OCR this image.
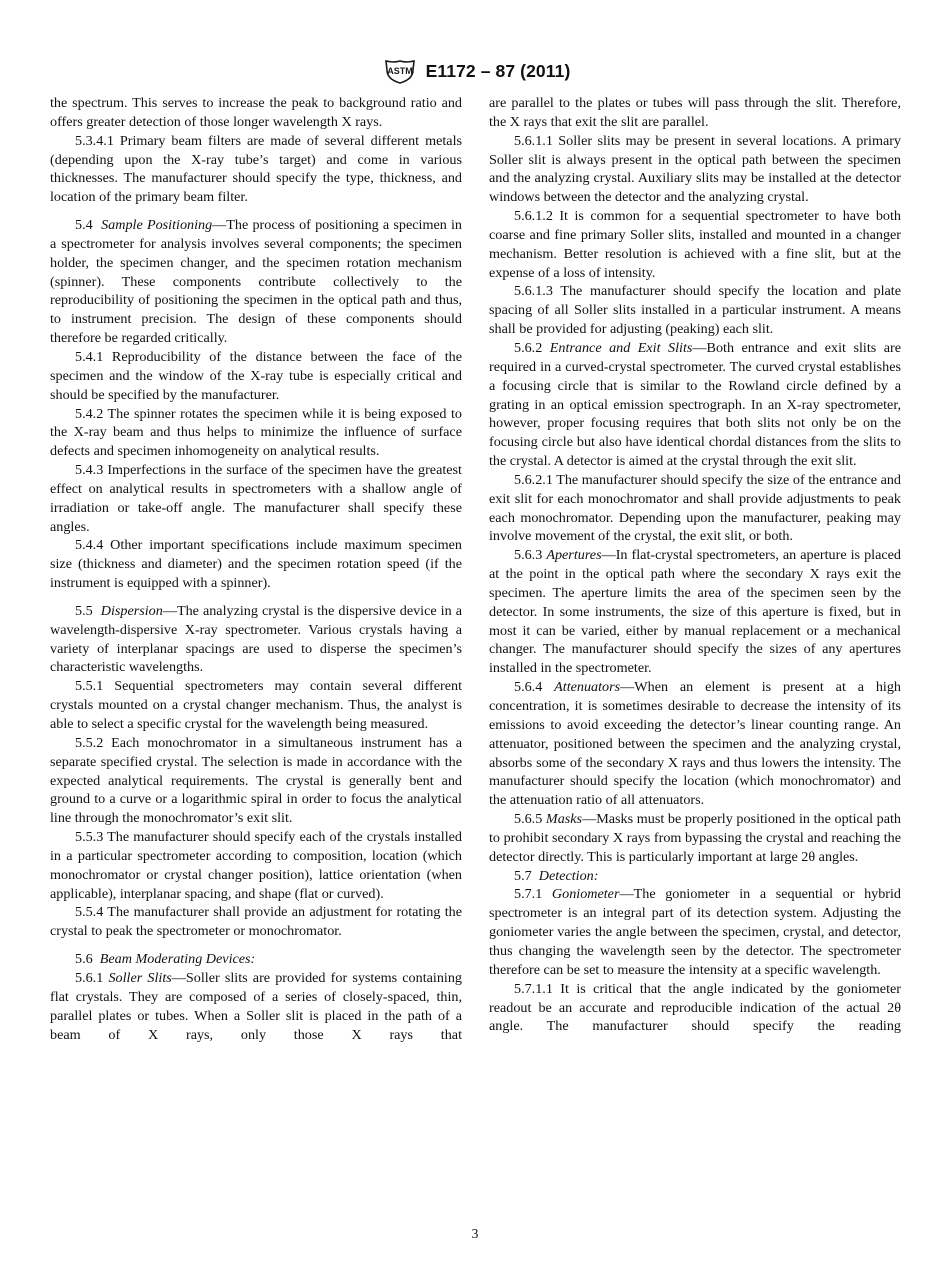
ASTM E1172 – 87 (2011)

the spectrum. This serves to increase the peak to background ratio and offers greater detection of those longer wavelength X rays.

5.3.4.1 Primary beam filters are made of several different metals (depending upon the X-ray tube’s target) and come in various thicknesses. The manufacturer should specify the type, thickness, and location of the primary beam filter.

5.4 Sample Positioning—The process of positioning a specimen in a spectrometer for analysis involves several components; the specimen holder, the specimen changer, and the specimen rotation mechanism (spinner). These components contribute collectively to the reproducibility of positioning the specimen in the optical path and thus, to instrument precision. The design of these components should therefore be regarded critically.

5.4.1 Reproducibility of the distance between the face of the specimen and the window of the X-ray tube is especially critical and should be specified by the manufacturer.

5.4.2 The spinner rotates the specimen while it is being exposed to the X-ray beam and thus helps to minimize the influence of surface defects and specimen inhomogeneity on analytical results.

5.4.3 Imperfections in the surface of the specimen have the greatest effect on analytical results in spectrometers with a shallow angle of irradiation or take-off angle. The manufacturer shall specify these angles.

5.4.4 Other important specifications include maximum specimen size (thickness and diameter) and the specimen rotation speed (if the instrument is equipped with a spinner).

5.5 Dispersion—The analyzing crystal is the dispersive device in a wavelength-dispersive X-ray spectrometer. Various crystals having a variety of interplanar spacings are used to disperse the specimen’s characteristic wavelengths.

5.5.1 Sequential spectrometers may contain several different crystals mounted on a crystal changer mechanism. Thus, the analyst is able to select a specific crystal for the wavelength being measured.

5.5.2 Each monochromator in a simultaneous instrument has a separate specified crystal. The selection is made in accordance with the expected analytical requirements. The crystal is generally bent and ground to a curve or a logarithmic spiral in order to focus the analytical line through the monochromator’s exit slit.

5.5.3 The manufacturer should specify each of the crystals installed in a particular spectrometer according to composition, location (which monochromator or crystal changer position), lattice orientation (when applicable), interplanar spacing, and shape (flat or curved).

5.5.4 The manufacturer shall provide an adjustment for rotating the crystal to peak the spectrometer or monochromator.

5.6 Beam Moderating Devices:

5.6.1 Soller Slits—Soller slits are provided for systems containing flat crystals. They are composed of a series of closely-spaced, thin, parallel plates or tubes. When a Soller slit is placed in the path of a beam of X rays, only those X rays that

are parallel to the plates or tubes will pass through the slit. Therefore, the X rays that exit the slit are parallel.

5.6.1.1 Soller slits may be present in several locations. A primary Soller slit is always present in the optical path between the specimen and the analyzing crystal. Auxiliary slits may be installed at the detector windows between the detector and the analyzing crystal.

5.6.1.2 It is common for a sequential spectrometer to have both coarse and fine primary Soller slits, installed and mounted in a changer mechanism. Better resolution is achieved with a fine slit, but at the expense of a loss of intensity.

5.6.1.3 The manufacturer should specify the location and plate spacing of all Soller slits installed in a particular instrument. A means shall be provided for adjusting (peaking) each slit.

5.6.2 Entrance and Exit Slits—Both entrance and exit slits are required in a curved-crystal spectrometer. The curved crystal establishes a focusing circle that is similar to the Rowland circle defined by a grating in an optical emission spectrograph. In an X-ray spectrometer, however, proper focusing requires that both slits not only be on the focusing circle but also have identical chordal distances from the slits to the crystal. A detector is aimed at the crystal through the exit slit.

5.6.2.1 The manufacturer should specify the size of the entrance and exit slit for each monochromator and shall provide adjustments to peak each monochromator. Depending upon the manufacturer, peaking may involve movement of the crystal, the exit slit, or both.

5.6.3 Apertures—In flat-crystal spectrometers, an aperture is placed at the point in the optical path where the secondary X rays exit the specimen. The aperture limits the area of the specimen seen by the detector. In some instruments, the size of this aperture is fixed, but in most it can be varied, either by manual replacement or a mechanical changer. The manufacturer should specify the sizes of any apertures installed in the spectrometer.

5.6.4 Attenuators—When an element is present at a high concentration, it is sometimes desirable to decrease the intensity of its emissions to avoid exceeding the detector’s linear counting range. An attenuator, positioned between the specimen and the analyzing crystal, absorbs some of the secondary X rays and thus lowers the intensity. The manufacturer should specify the location (which monochromator) and the attenuation ratio of all attenuators.

5.6.5 Masks—Masks must be properly positioned in the optical path to prohibit secondary X rays from bypassing the crystal and reaching the detector directly. This is particularly important at large 2θ angles.

5.7 Detection:

5.7.1 Goniometer—The goniometer in a sequential or hybrid spectrometer is an integral part of its detection system. Adjusting the goniometer varies the angle between the specimen, crystal, and detector, thus changing the wavelength seen by the detector. The spectrometer therefore can be set to measure the intensity at a specific wavelength.

5.7.1.1 It is critical that the angle indicated by the goniometer readout be an accurate and reproducible indication of the actual 2θ angle. The manufacturer should specify the reading

3
